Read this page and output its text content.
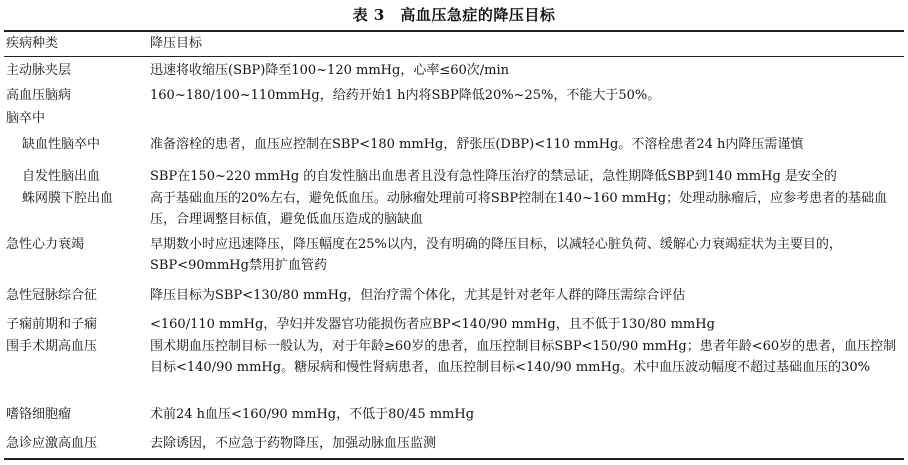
表 3　高血压急症的降压目标
疾病种类	降压目标
主动脉夹层	迅速将收缩压(SBP)降至100~120 mmHg，心率≤60次/min
高血压脑病	160~180/100~110mmHg，给药开始1 h内将SBP降低20%~25%，不能大于50%。
脑卒中
缺血性脑卒中	准备溶栓的患者，血压应控制在SBP<180 mmHg，舒张压(DBP)<110 mmHg。不溶栓患者24 h内降压需谨慎
自发性脑出血	SBP在150~220 mmHg 的自发性脑出血患者且没有急性降压治疗的禁忌证，急性期降低SBP到140 mmHg 是安全的
蛛网膜下腔出血	高于基础血压的20%左右，避免低血压。动脉瘤处理前可将SBP控制在140~160 mmHg；处理动脉瘤后，应参考患者的基础血压，合理调整目标值，避免低血压造成的脑缺血
急性心力衰竭	早期数小时应迅速降压，降压幅度在25%以内，没有明确的降压目标，以减轻心脏负荷、缓解心力衰竭症状为主要目的，SBP<90mmHg禁用扩血管药
急性冠脉综合征	降压目标为SBP<130/80 mmHg，但治疗需个体化，尤其是针对老年人群的降压需综合评估
子痫前期和子痫	<160/110 mmHg，孕妇并发器官功能损伤者应BP<140/90 mmHg，且不低于130/80 mmHg
围手术期高血压	围术期血压控制目标一般认为，对于年龄≥60岁的患者，血压控制目标SBP<150/90 mmHg；患者年龄<60岁的患者，血压控制目标<140/90 mmHg。糖尿病和慢性肾病患者，血压控制目标<140/90 mmHg。术中血压波动幅度不超过基础血压的30%
嗜铬细胞瘤	术前24 h血压<160/90 mmHg，不低于80/45 mmHg
急诊应激高血压	去除诱因，不应急于药物降压，加强动脉血压监测
